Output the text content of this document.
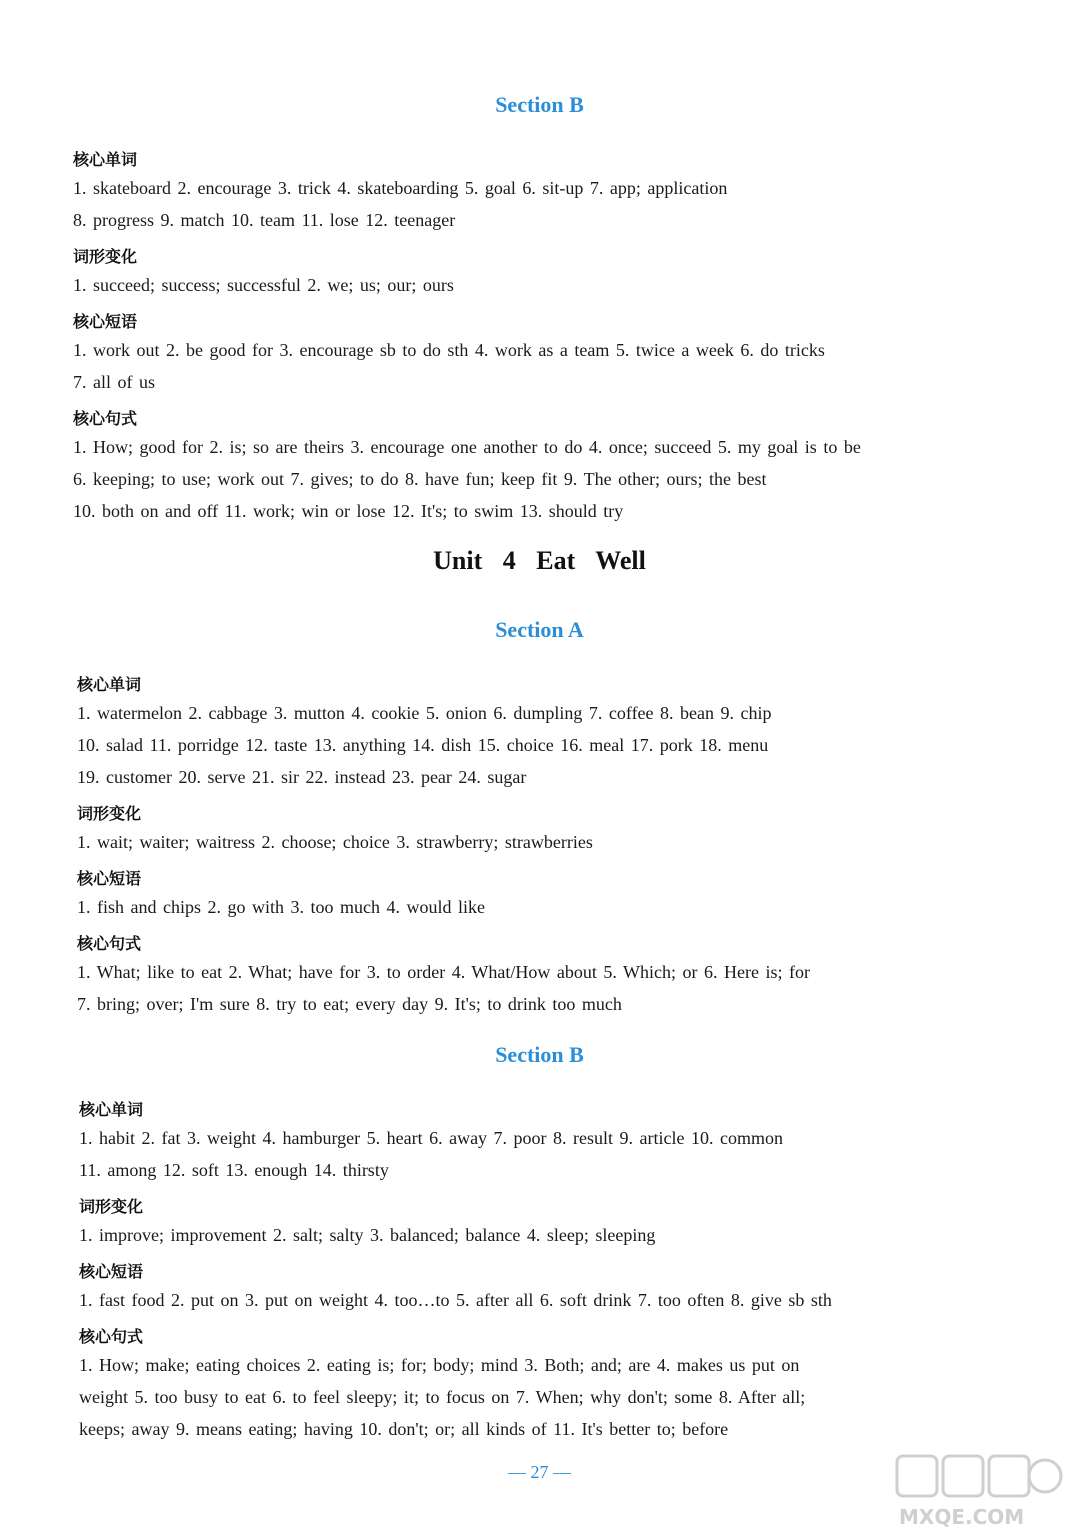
Section B
核心单词
1. skateboard 2. encourage 3. trick 4. skateboarding 5. goal 6. sit-up 7. app; application
8. progress 9. match 10. team 11. lose 12. teenager
词形变化
1. succeed; success; successful 2. we; us; our; ours
核心短语
1. work out 2. be good for 3. encourage sb to do sth 4. work as a team 5. twice a week 6. do tricks
7. all of us
核心句式
1. How; good for 2. is; so are theirs 3. encourage one another to do 4. once; succeed 5. my goal is to be
6. keeping; to use; work out 7. gives; to do 8. have fun; keep fit 9. The other; ours; the best
10. both on and off 11. work; win or lose 12. It's; to swim 13. should try
Unit 4 Eat Well
Section A
核心单词
1. watermelon 2. cabbage 3. mutton 4. cookie 5. onion 6. dumpling 7. coffee 8. bean 9. chip
10. salad 11. porridge 12. taste 13. anything 14. dish 15. choice 16. meal 17. pork 18. menu
19. customer 20. serve 21. sir 22. instead 23. pear 24. sugar
词形变化
1. wait; waiter; waitress 2. choose; choice 3. strawberry; strawberries
核心短语
1. fish and chips 2. go with 3. too much 4. would like
核心句式
1. What; like to eat 2. What; have for 3. to order 4. What/How about 5. Which; or 6. Here is; for
7. bring; over; I'm sure 8. try to eat; every day 9. It's; to drink too much
Section B
核心单词
1. habit 2. fat 3. weight 4. hamburger 5. heart 6. away 7. poor 8. result 9. article 10. common
11. among 12. soft 13. enough 14. thirsty
词形变化
1. improve; improvement 2. salt; salty 3. balanced; balance 4. sleep; sleeping
核心短语
1. fast food 2. put on 3. put on weight 4. too…to 5. after all 6. soft drink 7. too often 8. give sb sth
核心句式
1. How; make; eating choices 2. eating is; for; body; mind 3. Both; and; are 4. makes us put on
weight 5. too busy to eat 6. to feel sleepy; it; to focus on 7. When; why don't; some 8. After all;
keeps; away 9. means eating; having 10. don't; or; all kinds of 11. It's better to; before
— 27 —
MXQE.COM
